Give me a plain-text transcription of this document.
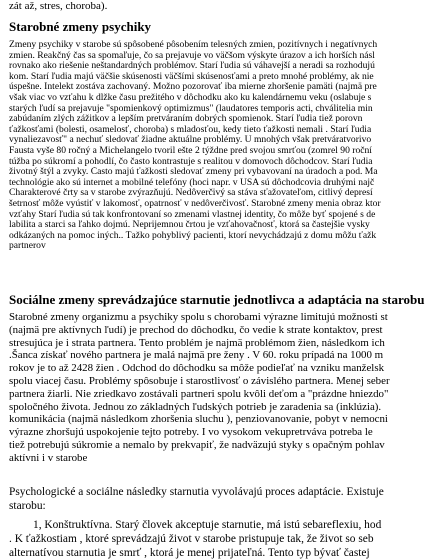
zát až, stres, choroba).
Starobné zmeny psychiky
Zmeny psychiky v starobe sú spôsobené pôsobením telesných zmien, pozitívnych i negatívnych
zmien. Reakčný čas sa spomaľuje, čo sa prejavuje vo väčšom výskyte úrazov a ich horších násl
rovnako ako riešenie neštandardných problémov. Starí ľudia sú váhavejší a neradi sa rozhodujú
kom. Starí ľudia majú väčšie skúsenosti väčšími skúsenosťami a preto mnohé problémy, ak nie
úspešne. Intelekt zostáva zachovaný. Možno pozorovať iba mierne zhoršenie pamäti (najmä pre
však viac vo vzťahu k dĺžke času prežitého v dôchodku ako ku kalendárnemu veku (oslabuje s
starých ľudí sa prejavuje "spomienkový optimizmus" (laudatores temporis acti, chválitelia min
zabúdaním zlých zážitkov a lepším pretváraním dobrých spomienok. Starí ľudia tiež porovn
ťažkosťami (bolesti, osamelosť, choroba) s mladosťou, kedy tieto ťažkosti nemali . Starí ľudia
vynaliezavosť" a nechuť sledovať žiadne aktuálne problémy. U mnohých však pretváratvorivo
Fausta vyše 80 ročný a Michelangelo tvoril ešte 2 týždne pred svojou smrťou (zomrel 90 roční
túžba po súkromí a pohodlí, čo často kontrastuje s realitou v domovoch dôchodcov. Starí ľudia
životný štýl a zvyky. Často majú ťažkosti sledovať zmeny pri vybavovaní na úradoch a pod. Ma
technológie ako sú internet a mobilné telefóny (hoci napr. v USA sú dôchodcovia druhými najč
Charakterové črty sa v starobe zvýrazňujú. Nedôverčivý sa stáva sťažovateľom, citlivý depresí
šetrnosť môže vyústiť v lakomosť, opatrnosť v nedôverčivosť. Starobné zmeny menia obraz ktor
vzťahy Starí ľudia sú tak konfrontovaní so zmenami vlastnej identity, čo môže byť spojené s de
labilita a starci sa ľahko dojmú. Neprijemnou črtou je vzťahovačnosť, ktorá sa častejšie vysky
odkázaných na pomoc iných.. Ťažko pohyblivý pacienti, ktorí nevychádzajú z domu môžu ťažk
partnerov
Sociálne zmeny sprevádzajúce starnutie jednotlivca a adaptácia na starobu
Starobné zmeny organizmu a psychiky spolu s chorobami výrazne limitujú možnosti st
(najmä pre aktívnych ľudí) je prechod do dôchodku, čo vedie k strate kontaktov, prest
stresujúca je i strata partnera. Tento problém je najmä problémom žien, následkom ich
.Šanca získať nového partnera je malá najmä pre ženy . V 60. roku prípadá na 1000 m
rokov je to až 2428 žien . Odchod do dôchodku sa môže podieľať na vzniku manželsk
spolu viacej času. Problémy spôsobuje i starostlivosť o závislého partnera. Menej seber
partnera žiarli. Nie zriedkavo zostávali partneri spolu kvôli deťom a "prázdne hniezdo"
spoločného života. Jednou zo základných ľudských potrieb je zaradenia sa (inklúzia).
komunikácia (najmä následkom zhoršenia sluchu ), penziovanovanie, pobyt v nemocni
výrazne zhoršujú uspokojenie tejto potreby. I vo vysokom vekupretrváva potreba le
tiež potrebujú súkromie a nemalo by prekvapiť, že nadväzujú styky s opačným pohlav
aktívni i v starobe
Psychologické a sociálne následky starnutia vyvolávajú proces adaptácie. Existuje
starobu:
1, Konštruktívna. Starý človek akceptuje starnutie, má istú sebareflexiu, hod
. K ťažkostiam , ktoré sprevádzajú život v starobe pristupuje tak, že život so seb
alternatívou starnutia je smrť , ktorá je menej prijateľná. Tento typ bývať častej
